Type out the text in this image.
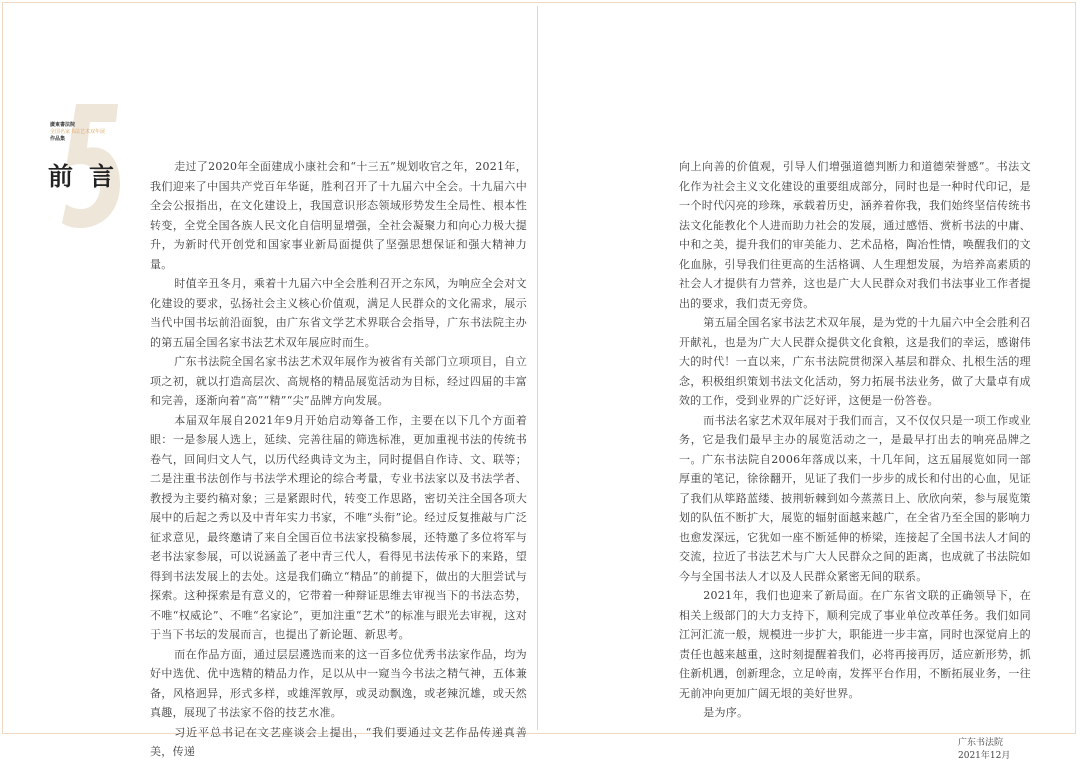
廣東書法院
全国名家书法艺术双年展
作品集
前言	走过了2020年全面建成小康社会和“十三五”规划收官之年，2021年，我们迎来了中国共产党百年华诞，胜利召开了十九届六中全会。十九届六中全会公报指出，在文化建设上，我国意识形态领域形势发生全局性、根本性转变，全党全国各族人民文化自信明显增强，全社会凝聚力和向心力极大提升，为新时代开创党和国家事业新局面提供了坚强思想保证和强大精神力量。

时值辛丑冬月，乘着十九届六中全会胜利召开之东风，为响应全会对文化建设的要求，弘扬社会主义核心价值观，满足人民群众的文化需求，展示当代中国书坛前沿面貌，由广东省文学艺术界联合会指导，广东书法院主办的第五届全国名家书法艺术双年展应时而生。

广东书法院全国名家书法艺术双年展作为被省有关部门立项项目，自立项之初，就以打造高层次、高规格的精品展览活动为目标，经过四届的丰富和完善，逐渐向着“高”“精”“尖”品牌方向发展。

本届双年展自2021年9月开始启动筹备工作，主要在以下几个方面着眼：一是参展人选上，延续、完善往届的筛选标准，更加重视书法的传统书卷气，回间归文人气，以历代经典诗文为主，同时提倡自作诗、文、联等；二是注重书法创作与书法学术理论的综合考量，专业书法家以及书法学者、教授为主要约稿对象；三是紧跟时代，转变工作思路，密切关注全国各项大展中的后起之秀以及中青年实力书家，不唯“头衔”论。经过反复推敲与广泛征求意见，最终邀请了来自全国百位书法家投稿参展，还特邀了多位将军与老书法家参展，可以说涵盖了老中青三代人，看得见书法传承下的来路，望得到书法发展上的去处。这是我们确立“精品”的前提下，做出的大胆尝试与探索。这种探索是有意义的，它带着一种辩证思维去审视当下的书法态势，不唯“权威论”、不唯“名家论”，更加注重“艺术”的标准与眼光去审视，这对于当下书坛的发展而言，也提出了新论题、新思考。

而在作品方面，通过层层遴选而来的这一百多位优秀书法家作品，均为好中选优、优中选精的精品力作，足以从中一窥当今书法之精气神，五体兼备，风格迥异，形式多样，或雄浑敦厚，或灵动飘逸，或老辣沉雄，或天然真趣，展现了书法家不俗的技艺水准。

习近平总书记在文艺座谈会上提出，“我们要通过文艺作品传递真善美，传递

向上向善的价值观，引导人们增强道德判断力和道德荣誉感”。书法文化作为社会主义文化建设的重要组成部分，同时也是一种时代印记，是一个时代闪亮的珍珠，承载着历史，涵养着你我，我们始终坚信传统书法文化能教化个人进而助力社会的发展，通过感悟、赏析书法的中庸、中和之美，提升我们的审美能力、艺术品格，陶冶性情，唤醒我们的文化血脉，引导我们往更高的生活格调、人生理想发展，为培养高素质的社会人才提供有力营养，这也是广大人民群众对我们书法事业工作者提出的要求，我们责无旁贷。

第五届全国名家书法艺术双年展，是为党的十九届六中全会胜利召开献礼，也是为广大人民群众提供文化食粮，这是我们的幸运，感谢伟大的时代！一直以来，广东书法院贯彻深入基层和群众、扎根生活的理念，积极组织策划书法文化活动，努力拓展书法业务，做了大量卓有成效的工作，受到业界的广泛好评，这便是一份答卷。

而书法名家艺术双年展对于我们而言，又不仅仅只是一项工作或业务，它是我们最早主办的展览活动之一，是最早打出去的响亮品牌之一。广东书法院自2006年落成以来，十几年间，这五届展览如同一部厚重的笔记，徐徐翻开，见证了我们一步步的成长和付出的心血，见证了我们从筚路蓝缕、披荆斩棘到如今蒸蒸日上、欣欣向荣，参与展览策划的队伍不断扩大，展览的辐射面越来越广，在全省乃至全国的影响力也愈发深远，它犹如一座不断延伸的桥梁，连接起了全国书法人才间的交流，拉近了书法艺术与广大人民群众之间的距离，也成就了书法院如今与全国书法人才以及人民群众紧密无间的联系。

2021年，我们也迎来了新局面。在广东省文联的正确领导下，在相关上级部门的大力支持下，顺利完成了事业单位改革任务。我们如同江河汇流一般，规模进一步扩大，职能进一步丰富，同时也深觉肩上的责任也越来越重，这时刻提醒着我们，必将再接再厉，适应新形势，抓住新机遇，创新理念，立足岭南，发挥平台作用，不断拓展业务，一往无前冲向更加广阔无垠的美好世界。

是为序。

广东书法院
2021年12月
